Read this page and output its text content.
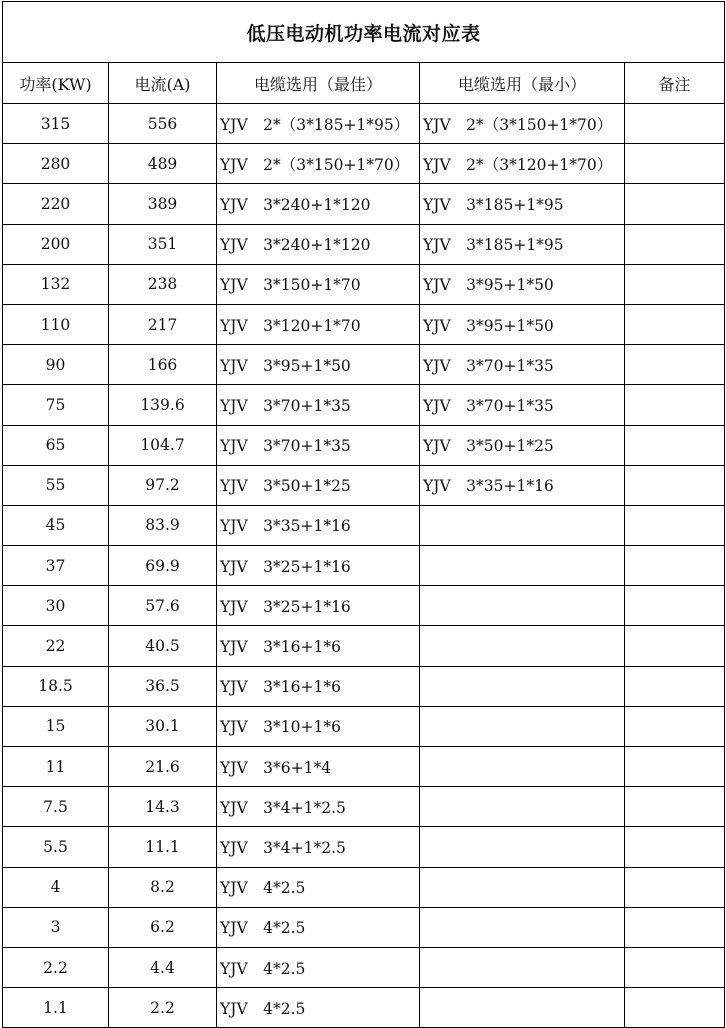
低压电动机功率电流对应表				
功率(KW)	电流(A)	电缆选用（最佳）	电缆选用（最小）	备注
315	556	YJV　2*（3*185+1*95）	YJV　2*（3*150+1*70）	
280	489	YJV　2*（3*150+1*70）	YJV　2*（3*120+1*70）	
220	389	YJV　3*240+1*120	YJV　3*185+1*95	
200	351	YJV　3*240+1*120	YJV　3*185+1*95	
132	238	YJV　3*150+1*70	YJV　3*95+1*50	
110	217	YJV　3*120+1*70	YJV　3*95+1*50	
90	166	YJV　3*95+1*50	YJV　3*70+1*35	
75	139.6	YJV　3*70+1*35	YJV　3*70+1*35	
65	104.7	YJV　3*70+1*35	YJV　3*50+1*25	
55	97.2	YJV　3*50+1*25	YJV　3*35+1*16	
45	83.9	YJV　3*35+1*16		
37	69.9	YJV　3*25+1*16		
30	57.6	YJV　3*25+1*16		
22	40.5	YJV　3*16+1*6		
18.5	36.5	YJV　3*16+1*6		
15	30.1	YJV　3*10+1*6		
11	21.6	YJV　3*6+1*4		
7.5	14.3	YJV　3*4+1*2.5		
5.5	11.1	YJV　3*4+1*2.5		
4	8.2	YJV　4*2.5		
3	6.2	YJV　4*2.5		
2.2	4.4	YJV　4*2.5		
1.1	2.2	YJV　4*2.5		
